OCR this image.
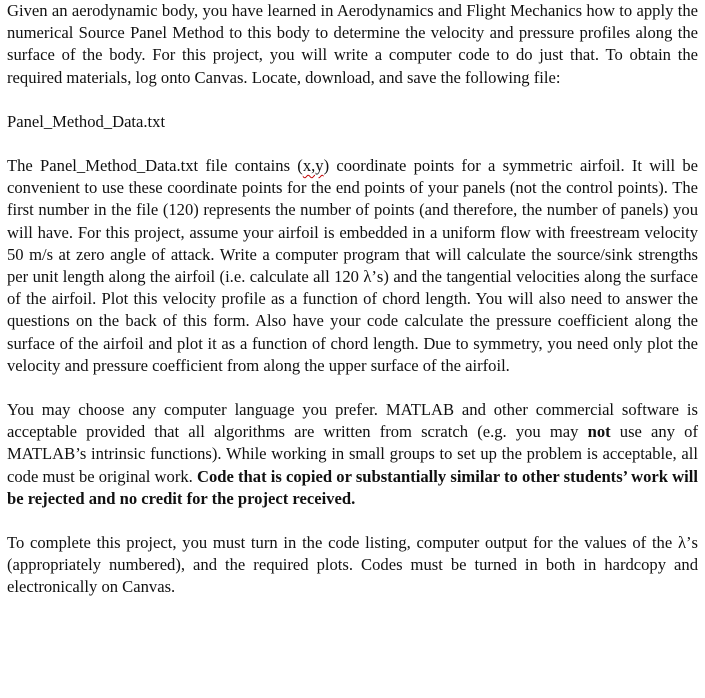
Given an aerodynamic body, you have learned in Aerodynamics and Flight Mechanics how to apply the numerical Source Panel Method to this body to determine the velocity and pressure profiles along the surface of the body. For this project, you will write a computer code to do just that. To obtain the required materials, log onto Canvas. Locate, download, and save the following file:

Panel_Method_Data.txt

The Panel_Method_Data.txt file contains (x,y) coordinate points for a symmetric airfoil. It will be convenient to use these coordinate points for the end points of your panels (not the control points). The first number in the file (120) represents the number of points (and therefore, the number of panels) you will have. For this project, assume your airfoil is embedded in a uniform flow with freestream velocity 50 m/s at zero angle of attack. Write a computer program that will calculate the source/sink strengths per unit length along the airfoil (i.e. calculate all 120 λ’s) and the tangential velocities along the surface of the airfoil. Plot this velocity profile as a function of chord length. You will also need to answer the questions on the back of this form. Also have your code calculate the pressure coefficient along the surface of the airfoil and plot it as a function of chord length. Due to symmetry, you need only plot the velocity and pressure coefficient from along the upper surface of the airfoil.

You may choose any computer language you prefer. MATLAB and other commercial software is acceptable provided that all algorithms are written from scratch (e.g. you may not use any of MATLAB’s intrinsic functions). While working in small groups to set up the problem is acceptable, all code must be original work. Code that is copied or substantially similar to other students’ work will be rejected and no credit for the project received.

To complete this project, you must turn in the code listing, computer output for the values of the λ’s (appropriately numbered), and the required plots. Codes must be turned in both in hardcopy and electronically on Canvas.
